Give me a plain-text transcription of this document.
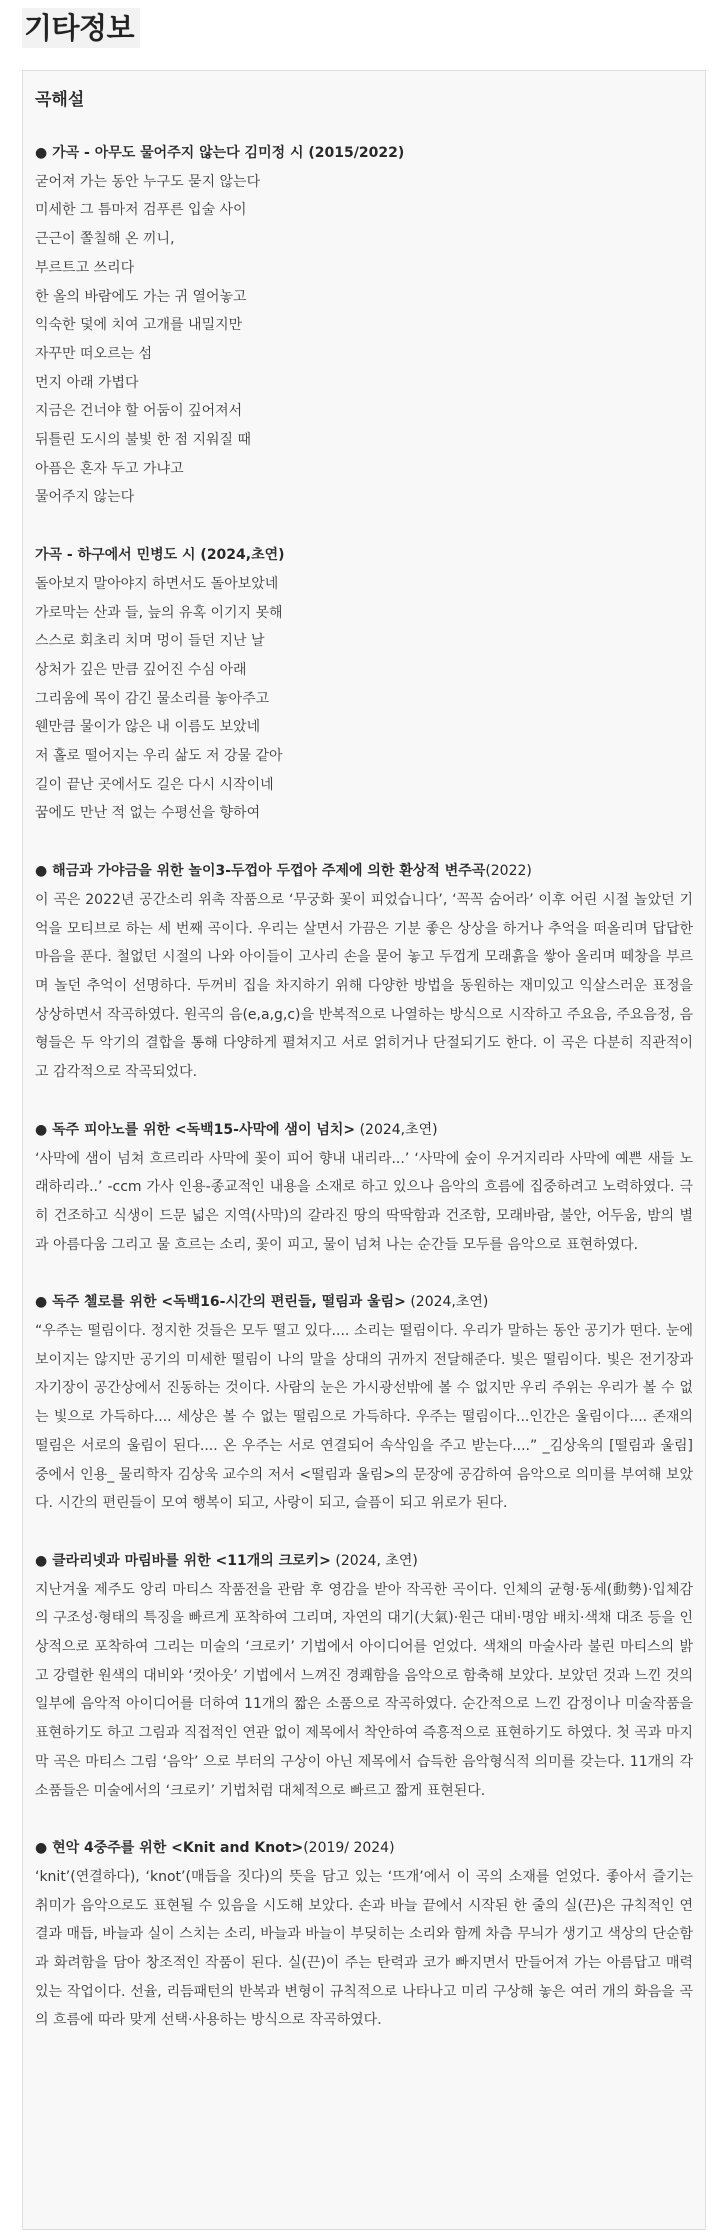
기타정보
곡해설
● 가곡 - 아무도 물어주지 않는다 김미정 시 (2015/2022)
굳어져 가는 동안 누구도 묻지 않는다
미세한 그 틈마저 검푸른 입술 사이
근근이 쫄칠해 온 끼니,
부르트고 쓰리다
한 올의 바람에도 가는 귀 열어놓고
익숙한 덫에 치여 고개를 내밀지만
자꾸만 떠오르는 섬
먼지 아래 가볍다
지금은 건너야 할 어둠이 깊어져서
뒤틀린 도시의 불빛 한 점 지워질 때
아픔은 혼자 두고 가냐고
물어주지 않는다
가곡 - 하구에서 민병도 시 (2024,초연)
돌아보지 말아야지 하면서도 돌아보았네
가로막는 산과 들, 늪의 유혹 이기지 못해
스스로 회초리 치며 멍이 들던 지난 날
상처가 깊은 만큼 깊어진 수심 아래
그리움에 목이 감긴 물소리를 놓아주고
웬만큼 물이가 않은 내 이름도 보았네
저 홀로 떨어지는 우리 삶도 저 강물 같아
길이 끝난 곳에서도 길은 다시 시작이네
꿈에도 만난 적 없는 수평선을 향하여
● 해금과 가야금을 위한 놀이3-두껍아 두껍아 주제에 의한 환상적 변주곡(2022)

이 곡은 2022년 공간소리 위촉 작품으로 ‘무궁화 꽃이 피었습니다’, ‘꼭꼭 숨어라’ 이후 어린 시절 놀았던 기억을 모티브로 하는 세 번째 곡이다. 우리는 살면서 가끔은 기분 좋은 상상을 하거나 추억을 떠올리며 답답한 마음을 푼다. 철없던 시절의 나와 아이들이 고사리 손을 묻어 놓고 두껍게 모래흙을 쌓아 올리며 떼창을 부르며 놀던 추억이 선명하다. 두꺼비 집을 차지하기 위해 다양한 방법을 동원하는 재미있고 익살스러운 표정을 상상하면서 작곡하였다. 원곡의 음(e,a,g,c)을 반복적으로 나열하는 방식으로 시작하고 주요음, 주요음정, 음형들은 두 악기의 결합을 통해 다양하게 펼쳐지고 서로 얽히거나 단절되기도 한다. 이 곡은 다분히 직관적이고 감각적으로 작곡되었다.

● 독주 피아노를 위한 <독백15-사막에 샘이 넘치> (2024,초연)

‘사막에 샘이 넘쳐 흐르리라 사막에 꽃이 피어 향내 내리라...’ ‘사막에 숲이 우거지리라 사막에 예쁜 새들 노래하리라..’ -ccm 가사 인용-종교적인 내용을 소재로 하고 있으나 음악의 흐름에 집중하려고 노력하였다. 극히 건조하고 식생이 드문 넓은 지역(사막)의 갈라진 땅의 딱딱함과 건조함, 모래바람, 불안, 어두움, 밤의 별과 아름다움 그리고 물 흐르는 소리, 꽃이 피고, 물이 넘쳐 나는 순간들 모두를 음악으로 표현하였다.

● 독주 첼로를 위한 <독백16-시간의 편린들, 떨림과 울림> (2024,초연)

“우주는 떨림이다. 정지한 것들은 모두 떨고 있다.... 소리는 떨림이다. 우리가 말하는 동안 공기가 떤다. 눈에 보이지는 않지만 공기의 미세한 떨림이 나의 말을 상대의 귀까지 전달해준다. 빛은 떨림이다. 빛은 전기장과 자기장이 공간상에서 진동하는 것이다. 사람의 눈은 가시광선밖에 볼 수 없지만 우리 주위는 우리가 볼 수 없는 빛으로 가득하다.... 세상은 볼 수 없는 떨림으로 가득하다. 우주는 떨림이다...인간은 울림이다.... 존재의 떨림은 서로의 울림이 된다.... 온 우주는 서로 연결되어 속삭임을 주고 받는다....” _김상욱의 [떨림과 울림] 중에서 인용_ 물리학자 김상욱 교수의 저서 <떨림과 울림>의 문장에 공감하여 음악으로 의미를 부여해 보았다. 시간의 편린들이 모여 행복이 되고, 사랑이 되고, 슬픔이 되고 위로가 된다.

● 클라리넷과 마림바를 위한 <11개의 크로키> (2024, 초연)

지난겨울 제주도 앙리 마티스 작품전을 관람 후 영감을 받아 작곡한 곡이다. 인체의 균형·동세(動勢)·입체감의 구조성·형태의 특징을 빠르게 포착하여 그리며, 자연의 대기(大氣)·원근 대비·명암 배치·색채 대조 등을 인상적으로 포착하여 그리는 미술의 ‘크로키’ 기법에서 아이디어를 얻었다. 색채의 마술사라 불린 마티스의 밝고 강렬한 원색의 대비와 ‘컷아웃’ 기법에서 느껴진 경쾌함을 음악으로 함축해 보았다. 보았던 것과 느낀 것의 일부에 음악적 아이디어를 더하여 11개의 짧은 소품으로 작곡하였다. 순간적으로 느낀 감정이나 미술작품을 표현하기도 하고 그림과 직접적인 연관 없이 제목에서 착안하여 즉흥적으로 표현하기도 하였다. 첫 곡과 마지막 곡은 마티스 그림 ‘음악’ 으로 부터의 구상이 아닌 제목에서 습득한 음악형식적 의미를 갖는다. 11개의 각 소품들은 미술에서의 ‘크로키’ 기법처럼 대체적으로 빠르고 짧게 표현된다.

● 현악 4중주를 위한 <Knit and Knot>(2019/ 2024)

‘knit’(연결하다), ‘knot’(매듭을 짓다)의 뜻을 담고 있는 ‘뜨개’에서 이 곡의 소재를 얻었다. 좋아서 즐기는 취미가 음악으로도 표현될 수 있음을 시도해 보았다. 손과 바늘 끝에서 시작된 한 줄의 실(끈)은 규칙적인 연결과 매듭, 바늘과 실이 스치는 소리, 바늘과 바늘이 부딪히는 소리와 함께 차츰 무늬가 생기고 색상의 단순함과 화려함을 담아 창조적인 작품이 된다. 실(끈)이 주는 탄력과 코가 빠지면서 만들어져 가는 아름답고 매력 있는 작업이다. 선율, 리듬패턴의 반복과 변형이 규칙적으로 나타나고 미리 구상해 놓은 여러 개의 화음을 곡의 흐름에 따라 맞게 선택·사용하는 방식으로 작곡하였다.
